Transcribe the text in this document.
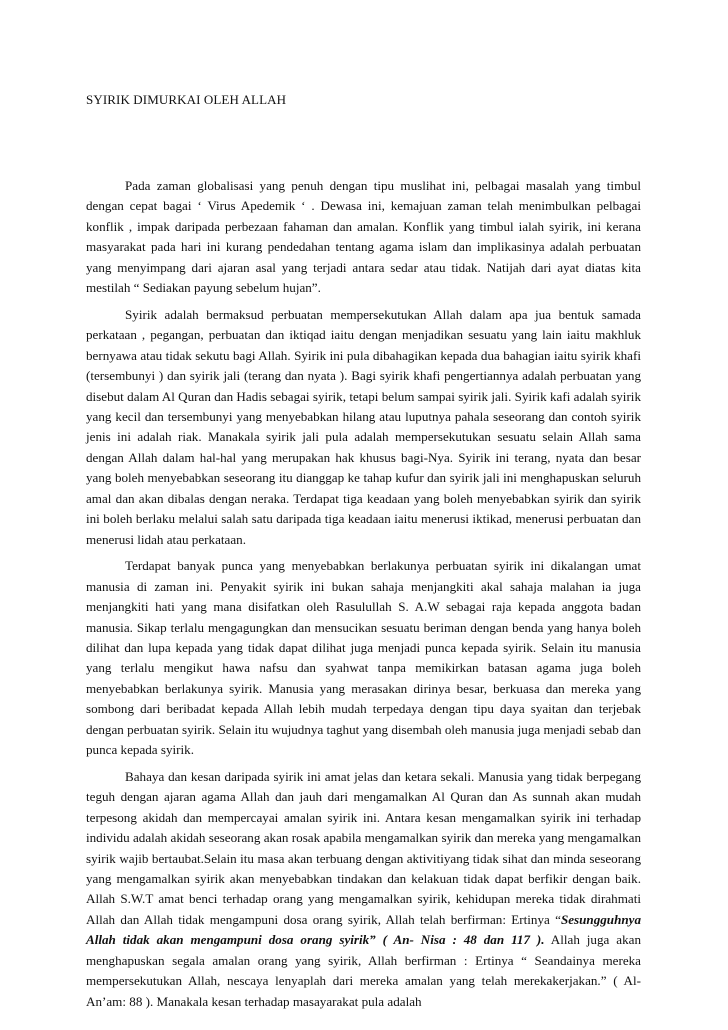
SYIRIK DIMURKAI OLEH ALLAH

Pada zaman globalisasi yang penuh dengan tipu muslihat ini, pelbagai masalah yang timbul dengan cepat bagai ‘ Virus Apedemik ‘ . Dewasa ini, kemajuan zaman telah menimbulkan pelbagai konflik , impak daripada perbezaan fahaman dan amalan. Konflik yang timbul ialah syirik, ini kerana masyarakat pada hari ini kurang pendedahan tentang agama islam dan implikasinya adalah perbuatan yang menyimpang dari ajaran asal yang terjadi antara sedar atau tidak. Natijah dari ayat diatas kita mestilah “ Sediakan payung sebelum hujan”.

Syirik adalah bermaksud perbuatan mempersekutukan Allah dalam apa jua bentuk samada perkataan , pegangan, perbuatan dan iktiqad iaitu dengan menjadikan sesuatu yang lain iaitu makhluk bernyawa atau tidak sekutu bagi Allah. Syirik ini pula dibahagikan kepada dua bahagian iaitu syirik khafi (tersembunyi ) dan syirik jali (terang dan nyata ). Bagi syirik khafi pengertiannya adalah perbuatan yang disebut dalam Al Quran dan Hadis sebagai syirik, tetapi belum sampai syirik jali. Syirik kafi adalah syirik yang kecil dan tersembunyi yang menyebabkan hilang atau luputnya pahala seseorang dan contoh syirik jenis ini adalah riak. Manakala syirik jali pula adalah mempersekutukan sesuatu selain Allah sama dengan Allah dalam hal-hal yang merupakan hak khusus bagi-Nya. Syirik ini terang, nyata dan besar yang boleh menyebabkan seseorang itu dianggap ke tahap kufur dan syirik jali ini menghapuskan seluruh amal dan akan dibalas dengan neraka. Terdapat tiga keadaan yang boleh menyebabkan syirik dan syirik ini boleh berlaku melalui salah satu daripada tiga keadaan iaitu menerusi iktikad, menerusi perbuatan dan menerusi lidah atau perkataan.

Terdapat banyak punca yang menyebabkan berlakunya perbuatan syirik ini dikalangan umat manusia di zaman ini. Penyakit syirik ini bukan sahaja menjangkiti akal sahaja malahan ia juga menjangkiti hati yang mana disifatkan oleh Rasulullah S. A.W sebagai raja kepada anggota badan manusia. Sikap terlalu mengagungkan dan mensucikan sesuatu beriman dengan benda yang hanya boleh dilihat dan lupa kepada yang tidak dapat dilihat juga menjadi punca kepada syirik. Selain itu manusia yang terlalu mengikut hawa nafsu dan syahwat tanpa memikirkan batasan agama juga boleh menyebabkan berlakunya syirik. Manusia yang merasakan dirinya besar, berkuasa dan mereka yang sombong dari beribadat kepada Allah lebih mudah terpedaya dengan tipu daya syaitan dan terjebak dengan perbuatan syirik. Selain itu wujudnya taghut yang disembah oleh manusia juga menjadi sebab dan punca kepada syirik.

Bahaya dan kesan daripada syirik ini amat jelas dan ketara sekali. Manusia yang tidak berpegang teguh dengan ajaran agama Allah dan jauh dari mengamalkan Al Quran dan As sunnah akan mudah terpesong akidah dan mempercayai amalan syirik ini. Antara kesan mengamalkan syirik ini terhadap individu adalah akidah seseorang akan rosak apabila mengamalkan syirik dan mereka yang mengamalkan syirik wajib bertaubat.Selain itu masa akan terbuang dengan aktivitiyang tidak sihat dan minda seseorang yang mengamalkan syirik akan menyebabkan tindakan dan kelakuan tidak dapat berfikir dengan baik. Allah S.W.T amat benci terhadap orang yang mengamalkan syirik, kehidupan mereka tidak dirahmati Allah dan Allah tidak mengampuni dosa orang syirik, Allah telah berfirman: Ertinya “Sesungguhnya Allah tidak akan mengampuni dosa orang syirik” ( An- Nisa : 48 dan 117 ). Allah juga akan menghapuskan segala amalan orang yang syirik, Allah berfirman : Ertinya “ Seandainya mereka mempersekutukan Allah, nescaya lenyaplah dari mereka amalan yang telah merekakerjakan.” ( Al- An’am: 88 ). Manakala kesan terhadap masayarakat pula adalah
